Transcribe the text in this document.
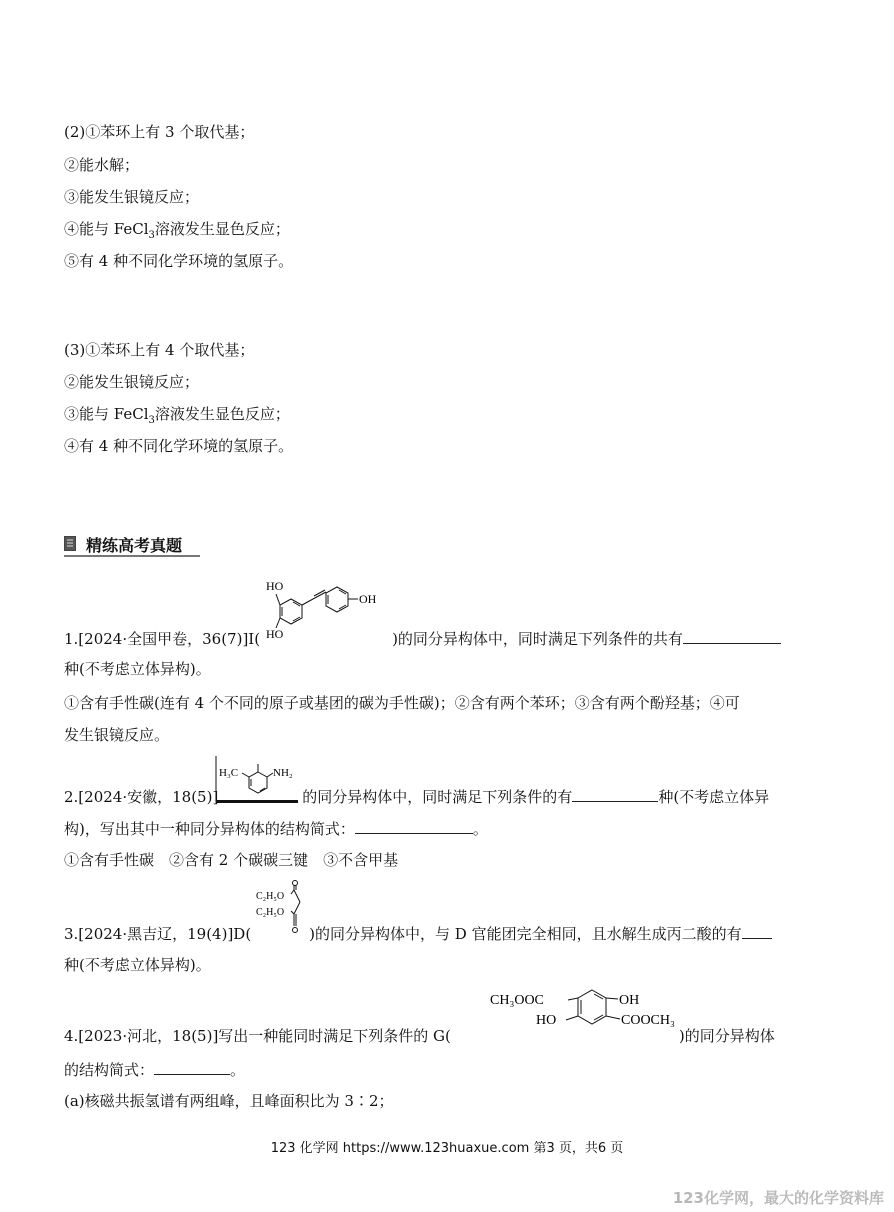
(2)①苯环上有 3 个取代基；
②能水解；
③能发生银镜反应；
④能与 FeCl$_3$溶液发生显色反应；
⑤有 4 种不同化学环境的氢原子。
(3)①苯环上有 4 个取代基；
②能发生银镜反应；
③能与 FeCl$_3$溶液发生显色反应；
④有 4 种不同化学环境的氢原子。
精练高考真题
HO
OH
HO
1.[2024·全国甲卷，36(7)]I(	)的同分异构体中，同时满足下列条件的共有
种(不考虑立体异构)。
①含有手性碳(连有 4 个不同的原子或基团的碳为手性碳)；②含有两个苯环；③含有两个酚羟基；④可
发生银镜反应。
H₃C	NH₂
2.[2024·安徽，18(5)]	的同分异构体中，同时满足下列条件的有	种(不考虑立体异
构)，写出其中一种同分异构体的结构简式：	。
①含有手性碳　②含有 2 个碳碳三键　③不含甲基
C₂H₅O
C₂H₅O
3.[2024·黑吉辽，19(4)]D(	)的同分异构体中，与 D 官能团完全相同，且水解生成丙二酸的有
种(不考虑立体异构)。
CH₃OOC	OH
HO	COOCH₃
4.[2023·河北，18(5)]写出一种能同时满足下列条件的 G(	)的同分异构体
的结构简式：	。
(a)核磁共振氢谱有两组峰，且峰面积比为 3∶2；
123 化学网 https://www.123huaxue.com 第3 页，共6 页
123化学网，最大的化学资料库
